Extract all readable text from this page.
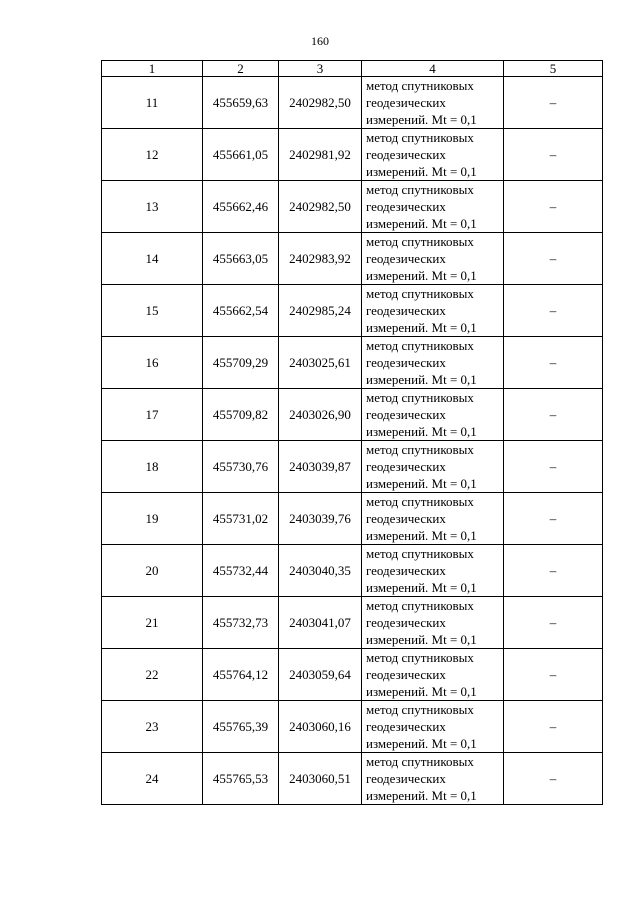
160
1	2	3	4	5
11	455659,63	2402982,50	метод спутниковых
геодезических
измерений. Mt = 0,1	–
12	455661,05	2402981,92	метод спутниковых
геодезических
измерений. Mt = 0,1	–
13	455662,46	2402982,50	метод спутниковых
геодезических
измерений. Mt = 0,1	–
14	455663,05	2402983,92	метод спутниковых
геодезических
измерений. Mt = 0,1	–
15	455662,54	2402985,24	метод спутниковых
геодезических
измерений. Mt = 0,1	–
16	455709,29	2403025,61	метод спутниковых
геодезических
измерений. Mt = 0,1	–
17	455709,82	2403026,90	метод спутниковых
геодезических
измерений. Mt = 0,1	–
18	455730,76	2403039,87	метод спутниковых
геодезических
измерений. Mt = 0,1	–
19	455731,02	2403039,76	метод спутниковых
геодезических
измерений. Mt = 0,1	–
20	455732,44	2403040,35	метод спутниковых
геодезических
измерений. Mt = 0,1	–
21	455732,73	2403041,07	метод спутниковых
геодезических
измерений. Mt = 0,1	–
22	455764,12	2403059,64	метод спутниковых
геодезических
измерений. Mt = 0,1	–
23	455765,39	2403060,16	метод спутниковых
геодезических
измерений. Mt = 0,1	–
24	455765,53	2403060,51	метод спутниковых
геодезических
измерений. Mt = 0,1	–
